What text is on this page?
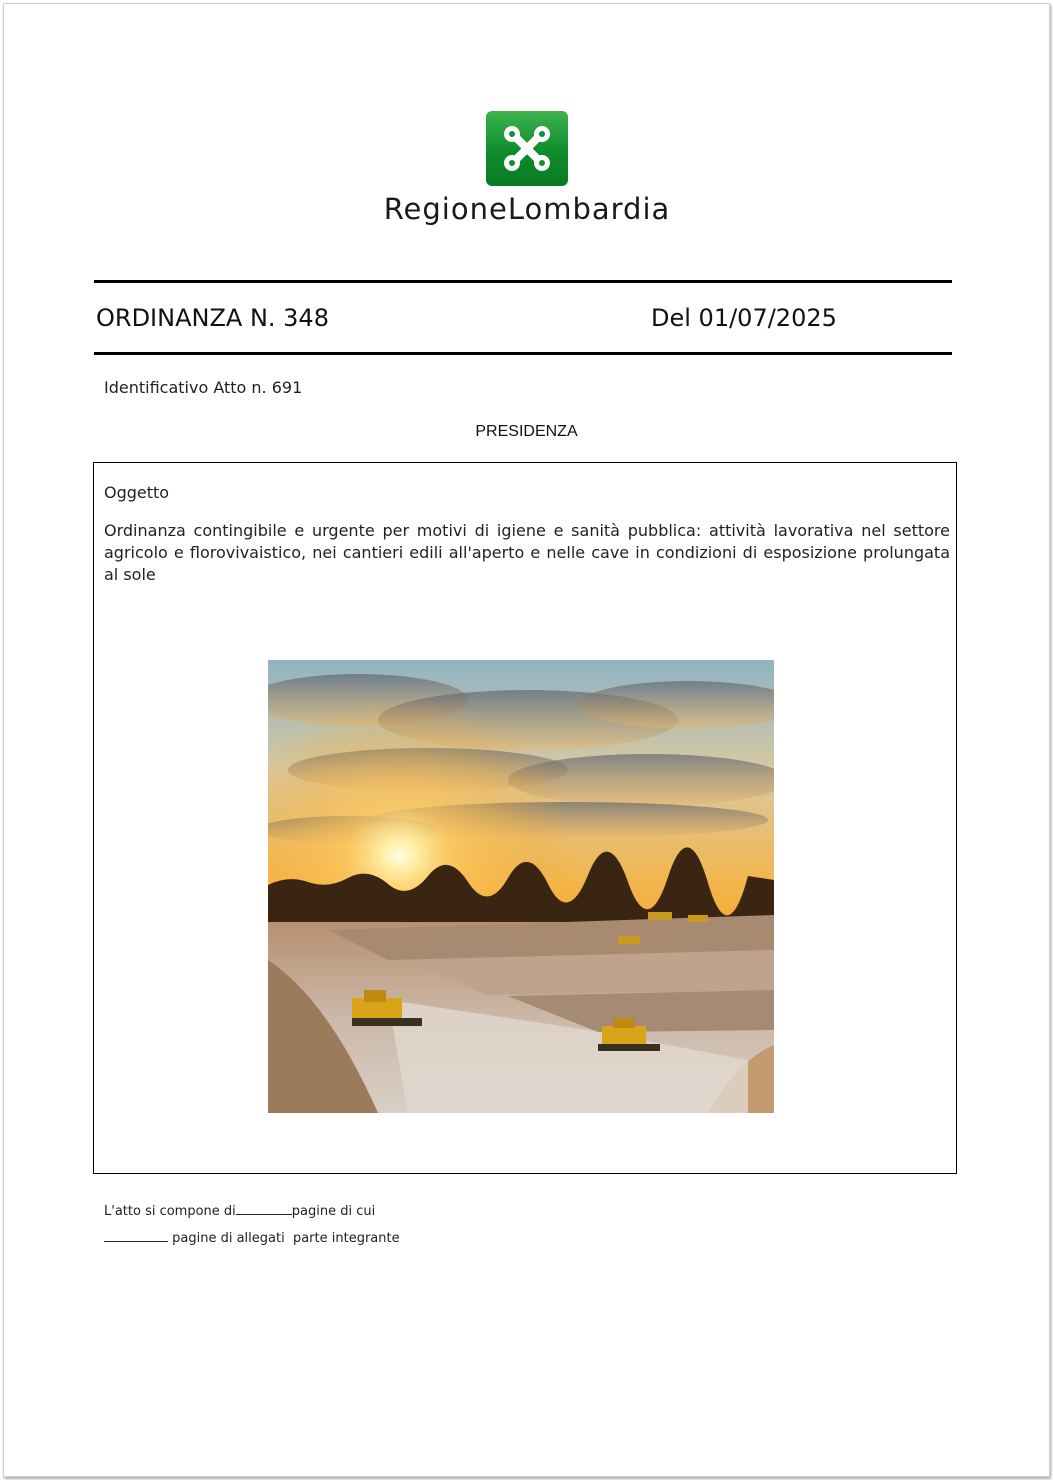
RegioneLombardia
ORDINANZA N. 348	Del 01/07/2025
Identificativo Atto n. 691
PRESIDENZA
Oggetto
Ordinanza contingibile e urgente per motivi di igiene e sanità pubblica: attività lavorativa nel settore agricolo e florovivaistico, nei cantieri edili all'aperto e nelle cave in condizioni di esposizione prolungata al sole
L'atto si compone di	pagine di cui
pagine di allegati  parte integrante
